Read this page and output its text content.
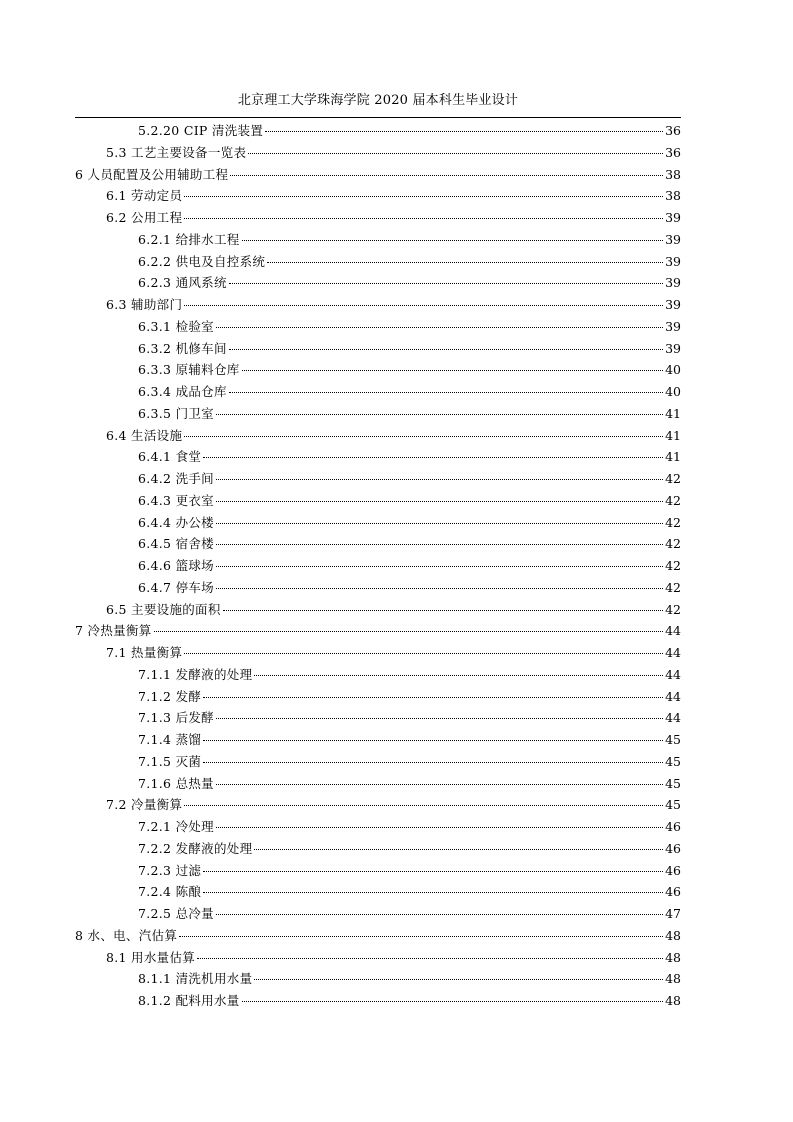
北京理工大学珠海学院 2020 届本科生毕业设计
5.2.20 CIP 清洗装置	36
5.3 工艺主要设备一览表	36
6 人员配置及公用辅助工程	38
6.1 劳动定员	38
6.2 公用工程	39
6.2.1 给排水工程	39
6.2.2 供电及自控系统	39
6.2.3 通风系统	39
6.3 辅助部门	39
6.3.1 检验室	39
6.3.2 机修车间	39
6.3.3 原辅料仓库	40
6.3.4 成品仓库	40
6.3.5 门卫室	41
6.4 生活设施	41
6.4.1 食堂	41
6.4.2 洗手间	42
6.4.3 更衣室	42
6.4.4 办公楼	42
6.4.5 宿舍楼	42
6.4.6 篮球场	42
6.4.7 停车场	42
6.5 主要设施的面积	42
7 冷热量衡算	44
7.1 热量衡算	44
7.1.1 发酵液的处理	44
7.1.2 发酵	44
7.1.3 后发酵	44
7.1.4 蒸馏	45
7.1.5 灭菌	45
7.1.6 总热量	45
7.2 冷量衡算	45
7.2.1 冷处理	46
7.2.2 发酵液的处理	46
7.2.3 过滤	46
7.2.4 陈酿	46
7.2.5 总冷量	47
8 水、电、汽估算	48
8.1 用水量估算	48
8.1.1 清洗机用水量	48
8.1.2 配料用水量	48
